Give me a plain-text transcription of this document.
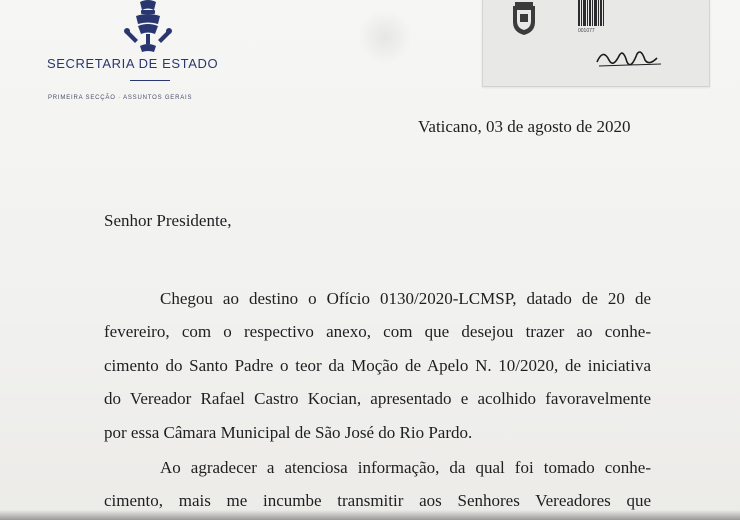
SECRETARIA DE ESTADO
PRIMEIRA SECÇÃO · ASSUNTOS GERAIS
001077
Vaticano, 03 de agosto de 2020
Senhor Presidente,
Chegou ao destino o Ofício 0130/2020-LCMSP, datado de 20 de
fevereiro, com o respectivo anexo, com que desejou trazer ao conhe-
cimento do Santo Padre o teor da Moção de Apelo N. 10/2020, de iniciativa
do Vereador Rafael Castro Kocian, apresentado e acolhido favoravelmente
por essa Câmara Municipal de São José do Rio Pardo.
Ao agradecer a atenciosa informação, da qual foi tomado conhe-
cimento, mais me incumbe transmitir aos Senhores Vereadores que
